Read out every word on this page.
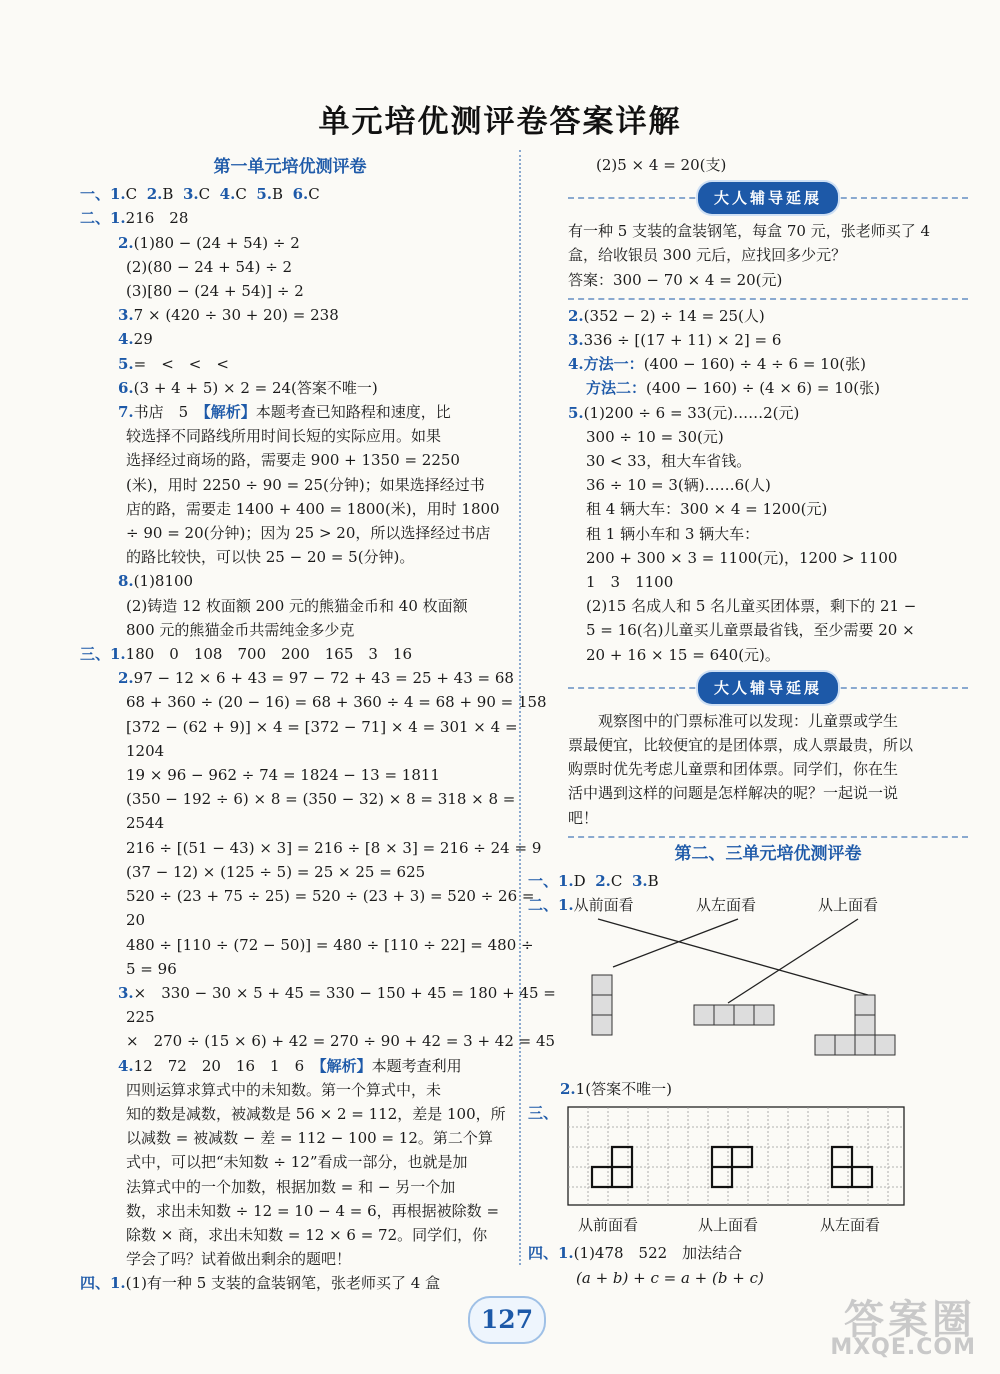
单元培优测评卷答案详解
第一单元培优测评卷
一、1.C 2.B 3.C 4.C 5.B 6.C
二、1.216　28
2.(1)80 − (24 + 54) ÷ 2
(2)(80 − 24 + 54) ÷ 2
(3)[80 − (24 + 54)] ÷ 2
3.7 × (420 ÷ 30 + 20) = 238
4.29
5.=　<　<　<
6.(3 + 4 + 5) × 2 = 24(答案不唯一)
7.书店　5　【解析】本题考查已知路程和速度，比
较选择不同路线所用时间长短的实际应用。如果
选择经过商场的路，需要走 900 + 1350 = 2250
(米)，用时 2250 ÷ 90 = 25(分钟)；如果选择经过书
店的路，需要走 1400 + 400 = 1800(米)，用时 1800
÷ 90 = 20(分钟)；因为 25 > 20，所以选择经过书店
的路比较快，可以快 25 − 20 = 5(分钟)。
8.(1)8100
(2)铸造 12 枚面额 200 元的熊猫金币和 40 枚面额
800 元的熊猫金币共需纯金多少克
三、1.180　0　108　700　200　165　3　16
2.97 − 12 × 6 + 43 = 97 − 72 + 43 = 25 + 43 = 68
68 + 360 ÷ (20 − 16) = 68 + 360 ÷ 4 = 68 + 90 = 158
[372 − (62 + 9)] × 4 = [372 − 71] × 4 = 301 × 4 =
1204
19 × 96 − 962 ÷ 74 = 1824 − 13 = 1811
(350 − 192 ÷ 6) × 8 = (350 − 32) × 8 = 318 × 8 =
2544
216 ÷ [(51 − 43) × 3] = 216 ÷ [8 × 3] = 216 ÷ 24 = 9
(37 − 12) × (125 ÷ 5) = 25 × 25 = 625
520 ÷ (23 + 75 ÷ 25) = 520 ÷ (23 + 3) = 520 ÷ 26 =
20
480 ÷ [110 ÷ (72 − 50)] = 480 ÷ [110 ÷ 22] = 480 ÷
5 = 96
3.×　330 − 30 × 5 + 45 = 330 − 150 + 45 = 180 + 45 =
225
×　270 ÷ (15 × 6) + 42 = 270 ÷ 90 + 42 = 3 + 42 = 45
4.12　72　20　16　1　6　【解析】本题考查利用
四则运算求算式中的未知数。第一个算式中，未
知的数是减数，被减数是 56 × 2 = 112，差是 100，所
以减数 = 被减数 − 差 = 112 − 100 = 12。第二个算
式中，可以把“未知数 ÷ 12”看成一部分，也就是加
法算式中的一个加数，根据加数 = 和 − 另一个加
数，求出未知数 ÷ 12 = 10 − 4 = 6，再根据被除数 =
除数 × 商，求出未知数 = 12 × 6 = 72。同学们，你
学会了吗？试着做出剩余的题吧！
四、1.(1)有一种 5 支装的盒装钢笔，张老师买了 4 盒
(2)5 × 4 = 20(支)
大人辅导延展
有一种 5 支装的盒装钢笔，每盒 70 元，张老师买了 4
盒，给收银员 300 元后，应找回多少元？
答案：300 − 70 × 4 = 20(元)
2.(352 − 2) ÷ 14 = 25(人)
3.336 ÷ [(17 + 11) × 2] = 6
4.方法一：(400 − 160) ÷ 4 ÷ 6 = 10(张)
方法二：(400 − 160) ÷ (4 × 6) = 10(张)
5.(1)200 ÷ 6 = 33(元)……2(元)
300 ÷ 10 = 30(元)
30 < 33，租大车省钱。
36 ÷ 10 = 3(辆)……6(人)
租 4 辆大车：300 × 4 = 1200(元)
租 1 辆小车和 3 辆大车：
200 + 300 × 3 = 1100(元)，1200 > 1100
1　3　1100
(2)15 名成人和 5 名儿童买团体票，剩下的 21 −
5 = 16(名)儿童买儿童票最省钱，至少需要 20 ×
20 + 16 × 15 = 640(元)。
大人辅导延展
观察图中的门票标准可以发现：儿童票或学生
票最便宜，比较便宜的是团体票，成人票最贵，所以
购票时优先考虑儿童票和团体票。同学们，你在生
活中遇到这样的问题是怎样解决的呢？一起说一说
吧！
第二、三单元培优测评卷
一、1.D 2.C 3.B
二、1.从前面看	从左面看	从上面看
2.1(答案不唯一)
三、
从前面看	从上面看	从左面看
四、1.(1)478　522　加法结合
(a + b) + c = a + (b + c)
127	答案圈
MXQE.COM
